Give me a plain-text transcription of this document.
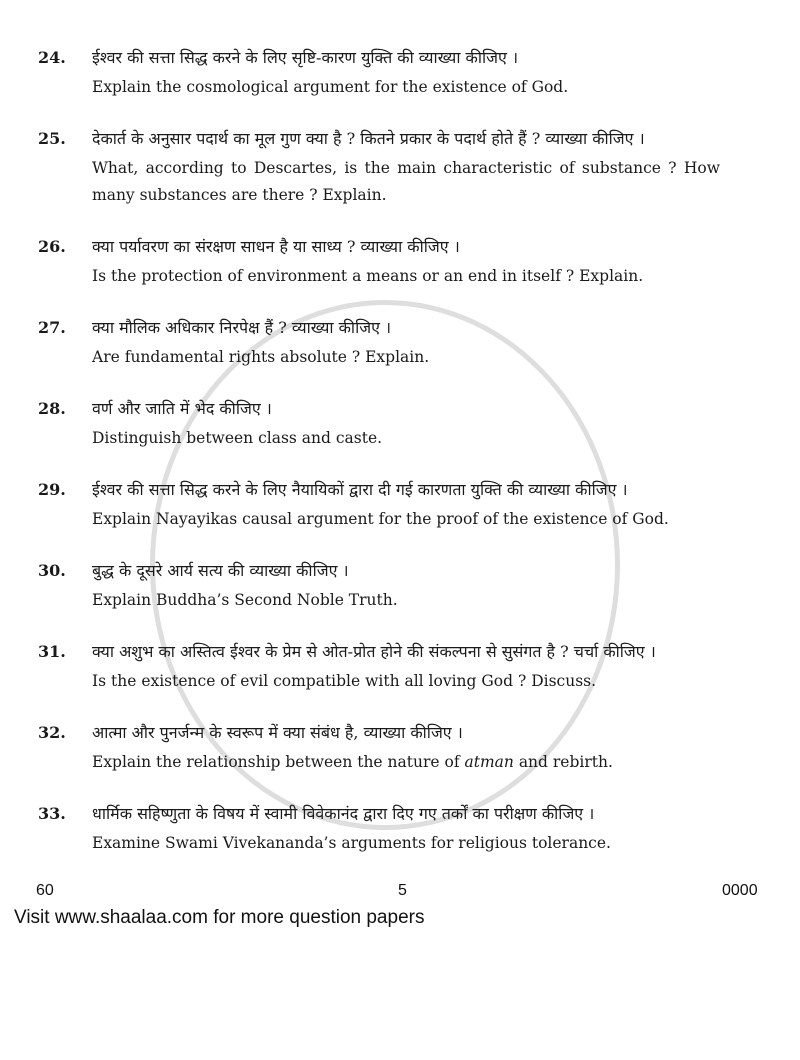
24. ईश्वर की सत्ता सिद्ध करने के लिए सृष्टि-कारण युक्ति की व्याख्या कीजिए ।
Explain the cosmological argument for the existence of God.
25. देकार्त के अनुसार पदार्थ का मूल गुण क्या है ? कितने प्रकार के पदार्थ होते हैं ? व्याख्या कीजिए ।
What, according to Descartes, is the main characteristic of substance ? How many substances are there ? Explain.
26. क्या पर्यावरण का संरक्षण साधन है या साध्य ? व्याख्या कीजिए ।
Is the protection of environment a means or an end in itself ? Explain.
27. क्या मौलिक अधिकार निरपेक्ष हैं ? व्याख्या कीजिए ।
Are fundamental rights absolute ? Explain.
28. वर्ण और जाति में भेद कीजिए ।
Distinguish between class and caste.
29. ईश्वर की सत्ता सिद्ध करने के लिए नैयायिकों द्वारा दी गई कारणता युक्ति की व्याख्या कीजिए ।
Explain Nayayikas causal argument for the proof of the existence of God.
30. बुद्ध के दूसरे आर्य सत्य की व्याख्या कीजिए ।
Explain Buddha’s Second Noble Truth.
31. क्या अशुभ का अस्तित्व ईश्वर के प्रेम से ओत-प्रोत होने की संकल्पना से सुसंगत है ? चर्चा कीजिए ।
Is the existence of evil compatible with all loving God ? Discuss.
32. आत्मा और पुनर्जन्म के स्वरूप में क्या संबंध है, व्याख्या कीजिए ।
Explain the relationship between the nature of atman and rebirth.
33. धार्मिक सहिष्णुता के विषय में स्वामी विवेकानंद द्वारा दिए गए तर्कों का परीक्षण कीजिए ।
Examine Swami Vivekananda’s arguments for religious tolerance.
60	5	0000
Visit www.shaalaa.com for more question papers
